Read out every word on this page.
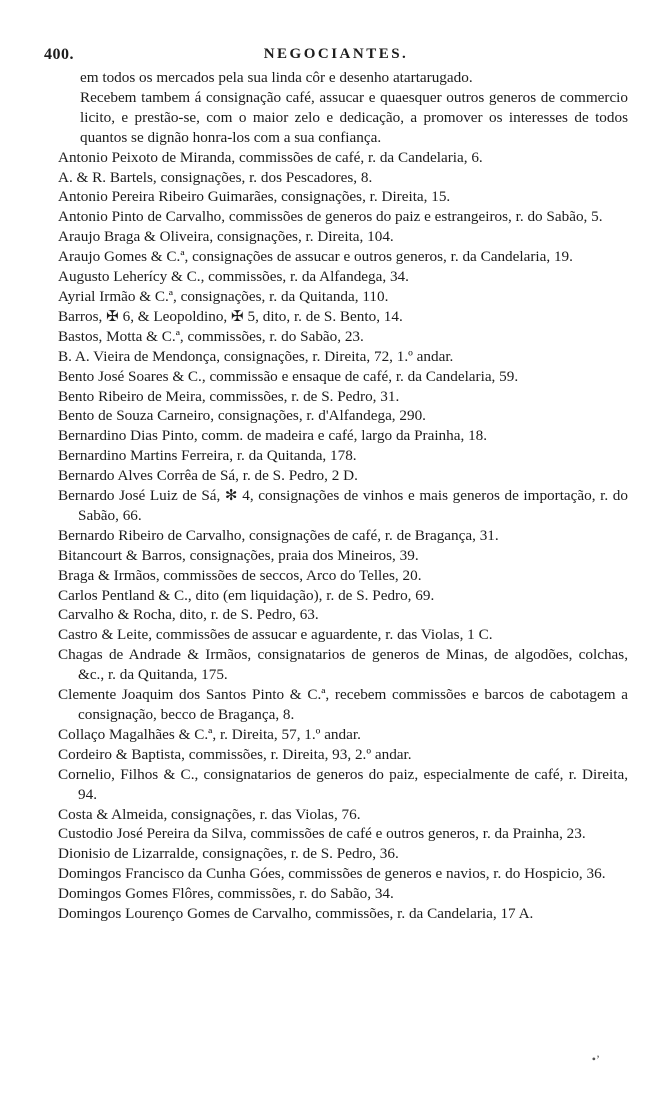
400.	NEGOCIANTES.
em todos os mercados pela sua linda côr e desenho atartarugado.
Recebem tambem á consignação café, assucar e quaesquer outros generos de commercio licito, e prestão-se, com o maior zelo e dedicação, a promover os interesses de todos quantos se dignão honra-los com a sua confiança.
Antonio Peixoto de Miranda, commissões de café, r. da Candelaria, 6.
A. & R. Bartels, consignações, r. dos Pescadores, 8.
Antonio Pereira Ribeiro Guimarães, consignações, r. Direita, 15.
Antonio Pinto de Carvalho, commissões de generos do paiz e estrangeiros, r. do Sabão, 5.
Araujo Braga & Oliveira, consignações, r. Direita, 104.
Araujo Gomes & C.ª, consignações de assucar e outros generos, r. da Candelaria, 19.
Augusto Leherícy & C., commissões, r. da Alfandega, 34.
Ayrial Irmão & C.ª, consignações, r. da Quitanda, 110.
Barros, ✠ 6, & Leopoldino, ✠ 5, dito, r. de S. Bento, 14.
Bastos, Motta & C.ª, commissões, r. do Sabão, 23.
B. A. Vieira de Mendonça, consignações, r. Direita, 72, 1.º andar.
Bento José Soares & C., commissão e ensaque de café, r. da Candelaria, 59.
Bento Ribeiro de Meira, commissões, r. de S. Pedro, 31.
Bento de Souza Carneiro, consignações, r. d'Alfandega, 290.
Bernardino Dias Pinto, comm. de madeira e café, largo da Prainha, 18.
Bernardino Martins Ferreira, r. da Quitanda, 178.
Bernardo Alves Corrêa de Sá, r. de S. Pedro, 2 D.
Bernardo José Luiz de Sá, ✻ 4, consignações de vinhos e mais generos de importação, r. do Sabão, 66.
Bernardo Ribeiro de Carvalho, consignações de café, r. de Bragança, 31.
Bitancourt & Barros, consignações, praia dos Mineiros, 39.
Braga & Irmãos, commissões de seccos, Arco do Telles, 20.
Carlos Pentland & C., dito (em liquidação), r. de S. Pedro, 69.
Carvalho & Rocha, dito, r. de S. Pedro, 63.
Castro & Leite, commissões de assucar e aguardente, r. das Violas, 1 C.
Chagas de Andrade & Irmãos, consignatarios de generos de Minas, de algodões, colchas, &c., r. da Quitanda, 175.
Clemente Joaquim dos Santos Pinto & C.ª, recebem commissões e barcos de cabotagem a consignação, becco de Bragança, 8.
Collaço Magalhães & C.ª, r. Direita, 57, 1.º andar.
Cordeiro & Baptista, commissões, r. Direita, 93, 2.º andar.
Cornelio, Filhos & C., consignatarios de generos do paiz, especialmente de café, r. Direita, 94.
Costa & Almeida, consignações, r. das Violas, 76.
Custodio José Pereira da Silva, commissões de café e outros generos, r. da Prainha, 23.
Dionisio de Lizarralde, consignações, r. de S. Pedro, 36.
Domingos Francisco da Cunha Góes, commissões de generos e navios, r. do Hospicio, 36.
Domingos Gomes Flôres, commissões, r. do Sabão, 34.
Domingos Lourenço Gomes de Carvalho, commissões, r. da Candelaria, 17 A.
•’
